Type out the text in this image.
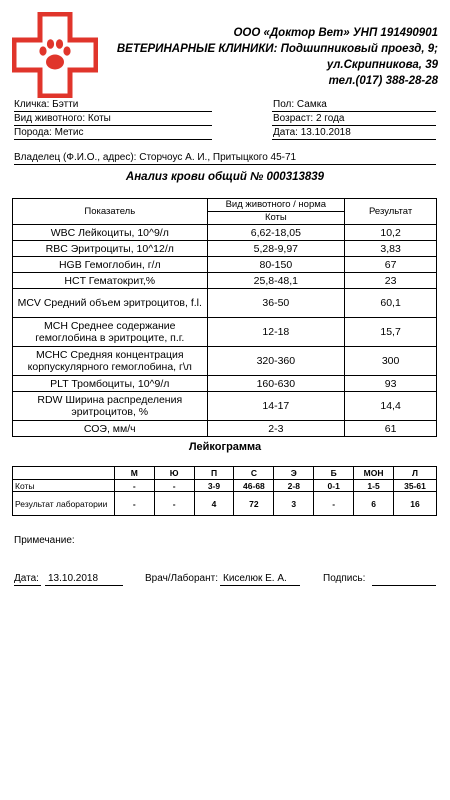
ООО «Доктор Вет» УНП 191490901
ВЕТЕРИНАРНЫЕ КЛИНИКИ: Подшипниковый проезд, 9;
ул.Скрипникова, 39
тел.(017) 388-28-28
Кличка: Бэтти	Пол: Самка
Вид животного: Коты	Возраст: 2 года
Порода: Метис	Дата: 13.10.2018
Владелец (Ф.И.О., адрес): Сторчоус А. И., Притыцкого 45-71
Анализ крови общий № 000313839
Показатель	Вид животного / норма	Результат
	Коты	
WBC Лейкоциты, 10^9/л	6,62-18,05	10,2
RBC Эритроциты, 10^12/л	5,28-9,97	3,83
HGB Гемоглобин, г/л	80-150	67
HCT Гематокрит,%	25,8-48,1	23
MCV Средний объем эритроцитов, f.l.	36-50	60,1
MCH Среднее содержание гемоглобина в эритроците, п.г.	12-18	15,7
MCHC Средняя концентрация корпускулярного гемоглобина, г\л	320-360	300
PLT Тромбоциты, 10^9/л	160-630	93
RDW Ширина распределения эритроцитов, %	14-17	14,4
СОЭ, мм/ч	2-3	61
Лейкограмма
	М	Ю	П	С	Э	Б	МОН	Л
Коты	-	-	3-9	46-68	2-8	0-1	1-5	35-61
Результат лаборатории	-	-	4	72	3	-	6	16
Примечание:
Дата: 13.10.2018	Врач/Лаборант: Киселюк Е. А.	Подпись:
